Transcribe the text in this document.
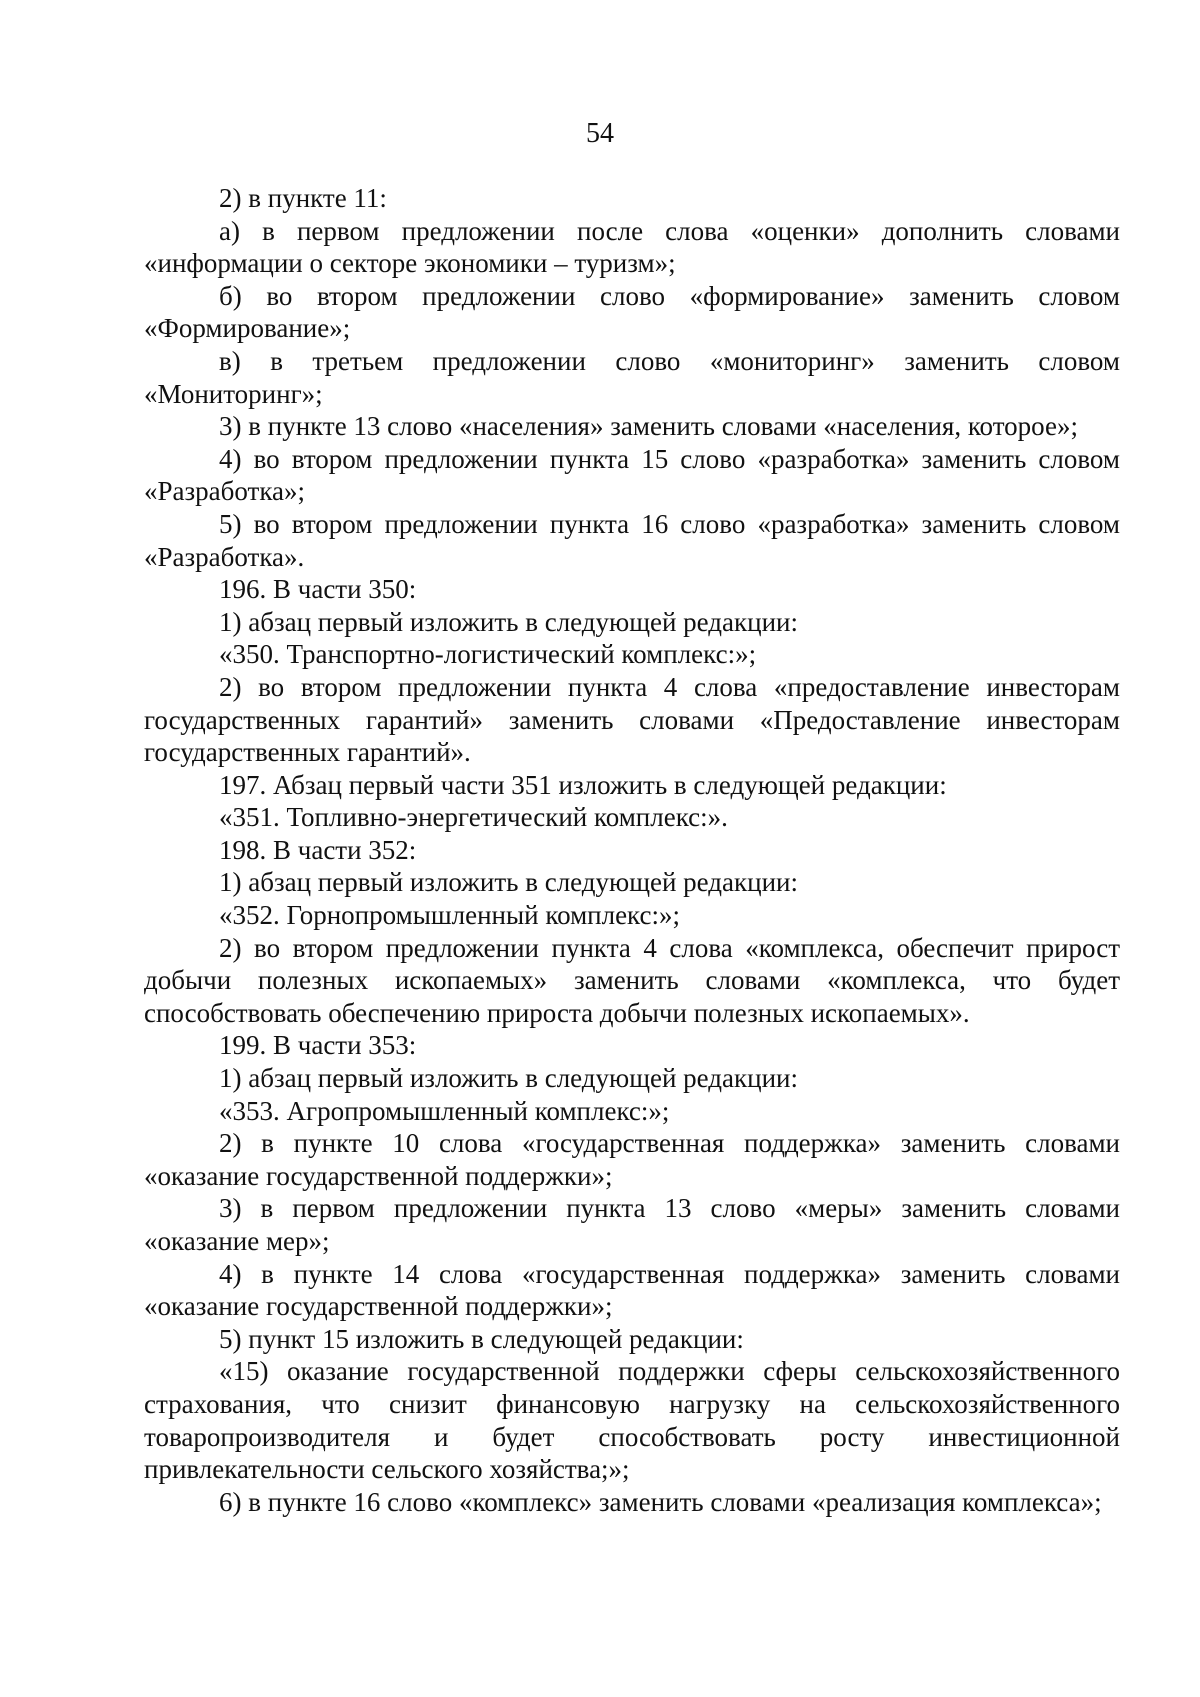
54

2) в пункте 11:

а) в первом предложении после слова «оценки» дополнить словами «информации о секторе экономики – туризм»;

б) во втором предложении слово «формирование» заменить словом «Формирование»;

в) в третьем предложении слово «мониторинг» заменить словом «Мониторинг»;

3) в пункте 13 слово «населения» заменить словами «населения, которое»;

4) во втором предложении пункта 15 слово «разработка» заменить словом «Разработка»;

5) во втором предложении пункта 16 слово «разработка» заменить словом «Разработка».

196. В части 350:

1) абзац первый изложить в следующей редакции:

«350. Транспортно-логистический комплекс:»;

2) во втором предложении пункта 4 слова «предоставление инвесторам государственных гарантий» заменить словами «Предоставление инвесторам государственных гарантий».

197. Абзац первый части 351 изложить в следующей редакции:

«351. Топливно-энергетический комплекс:».

198. В части 352:

1) абзац первый изложить в следующей редакции:

«352. Горнопромышленный комплекс:»;

2) во втором предложении пункта 4 слова «комплекса, обеспечит прирост добычи полезных ископаемых» заменить словами «комплекса, что будет способствовать обеспечению прироста добычи полезных ископаемых».

199. В части 353:

1) абзац первый изложить в следующей редакции:

«353. Агропромышленный комплекс:»;

2) в пункте 10 слова «государственная поддержка» заменить словами «оказание государственной поддержки»;

3) в первом предложении пункта 13 слово «меры» заменить словами «оказание мер»;

4) в пункте 14 слова «государственная поддержка» заменить словами «оказание государственной поддержки»;

5) пункт 15 изложить в следующей редакции:

«15) оказание государственной поддержки сферы сельскохозяйственного страхования, что снизит финансовую нагрузку на сельскохозяйственного товаропроизводителя и будет способствовать росту инвестиционной привлекательности сельского хозяйства;»;

6) в пункте 16 слово «комплекс» заменить словами «реализация комплекса»;
